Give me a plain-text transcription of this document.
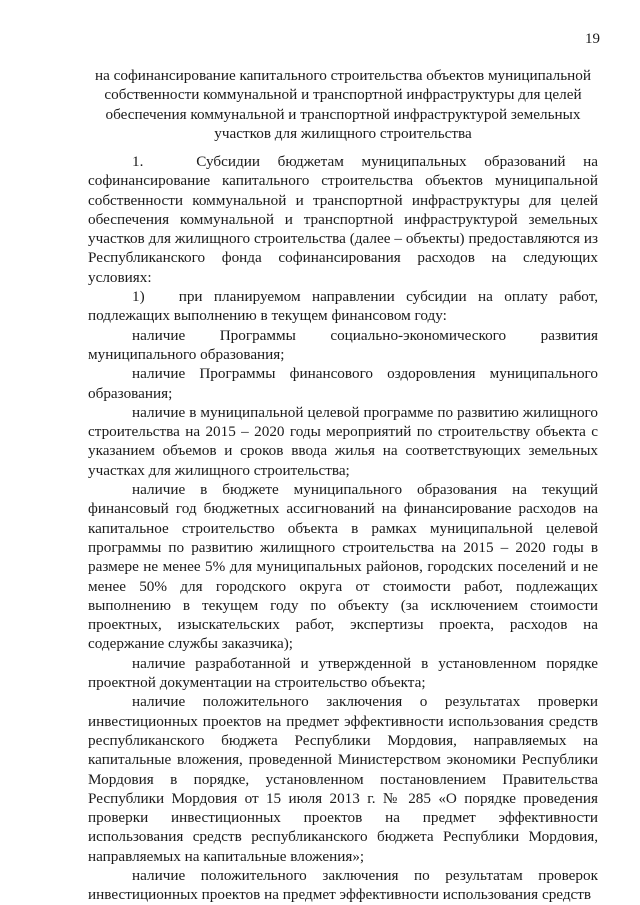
19
на софинансирование капитального строительства объектов муниципальной собственности коммунальной и транспортной инфраструктуры для целей обеспечения коммунальной и транспортной инфраструктурой земельных участков для жилищного строительства

1.   Субсидии бюджетам муниципальных образований на софинансирование капитального строительства объектов муниципальной собственности коммунальной и транспортной инфраструктуры для целей обеспечения коммунальной и транспортной инфраструктурой земельных участков для жилищного строительства (далее – объекты) предоставляются из Республиканского фонда софинансирования расходов на следующих условиях:

1)   при планируемом направлении субсидии на оплату работ, подлежащих выполнению в текущем финансовом году:

наличие Программы социально-экономического развития муниципального образования;

наличие Программы финансового оздоровления муниципального образования;

наличие в муниципальной целевой программе по развитию жилищного строительства на 2015 – 2020 годы мероприятий по строительству объекта с указанием объемов и сроков ввода жилья на соответствующих земельных участках для жилищного строительства;

наличие в бюджете муниципального образования на текущий финансовый год бюджетных ассигнований на финансирование расходов на капитальное строительство объекта в рамках муниципальной целевой программы по развитию жилищного строительства на 2015 – 2020 годы в размере не менее 5% для муниципальных районов, городских поселений и не менее 50% для городского округа от стоимости работ, подлежащих выполнению в текущем году по объекту (за исключением стоимости проектных, изыскательских работ, экспертизы проекта, расходов на содержание службы заказчика);

наличие разработанной и утвержденной в установленном порядке проектной документации на строительство объекта;

наличие положительного заключения о результатах проверки инвестиционных проектов на предмет эффективности использования средств республиканского бюджета Республики Мордовия, направляемых на капитальные вложения, проведенной Министерством экономики Республики Мордовия в порядке, установленном постановлением Правительства Республики Мордовия от 15 июля 2013 г. № 285 «О порядке проведения проверки инвестиционных проектов на предмет эффективности использования средств республиканского бюджета Республики Мордовия, направляемых на капитальные вложения»;

наличие положительного заключения по результатам проверок инвестиционных проектов на предмет эффективности использования средств
